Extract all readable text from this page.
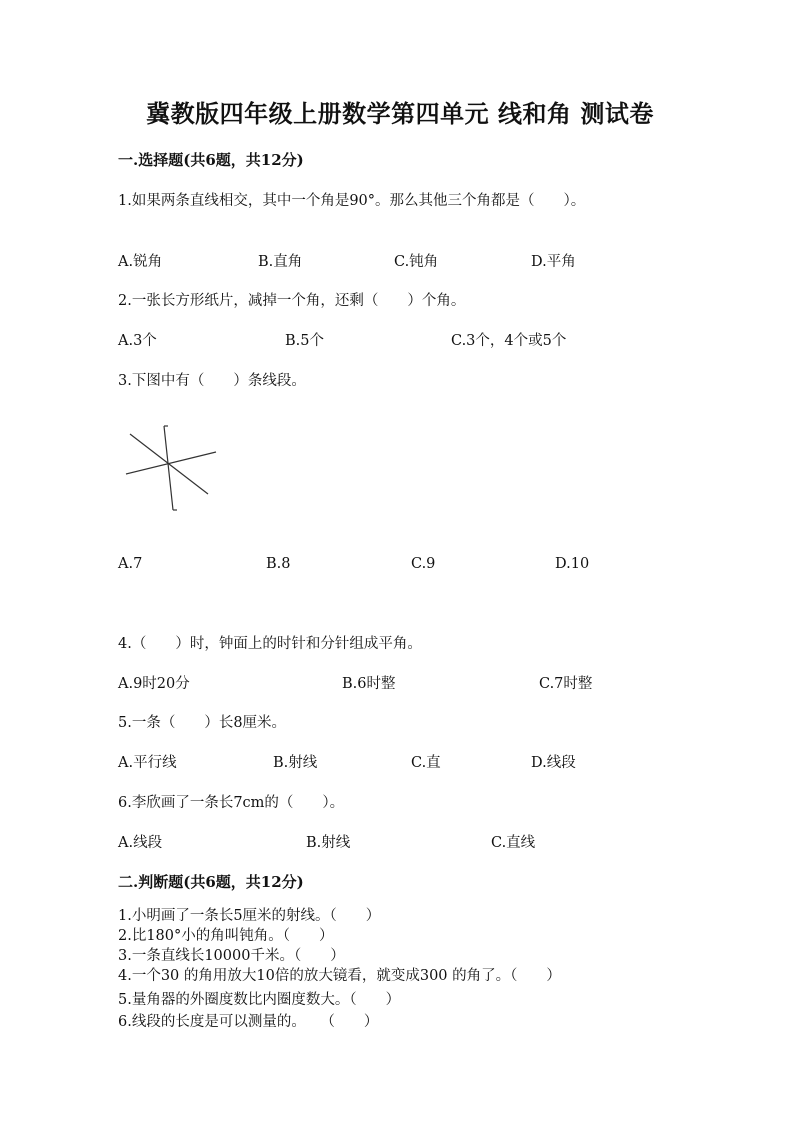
冀教版四年级上册数学第四单元 线和角 测试卷
一.选择题(共6题，共12分)
1.如果两条直线相交，其中一个角是90°。那么其他三个角都是（　　）。
A.锐角	B.直角	C.钝角	D.平角
2.一张长方形纸片，减掉一个角，还剩（　　）个角。
A.3个	B.5个	C.3个，4个或5个
3.下图中有（　　）条线段。
A.7	B.8	C.9	D.10
4.（　　）时，钟面上的时针和分针组成平角。
A.9时20分	B.6时整	C.7时整
5.一条（　　）长8厘米。
A.平行线	B.射线	C.直	D.线段
6.李欣画了一条长7cm的（　　）。
A.线段	B.射线	C.直线
二.判断题(共6题，共12分)
1.小明画了一条长5厘米的射线。（　　）
2.比180°小的角叫钝角。（　　）
3.一条直线长10000千米。（　　）
4.一个30 的角用放大10倍的放大镜看，就变成300 的角了。（　　）
5.量角器的外圈度数比内圈度数大。（　　）
6.线段的长度是可以测量的。　　（　　）
